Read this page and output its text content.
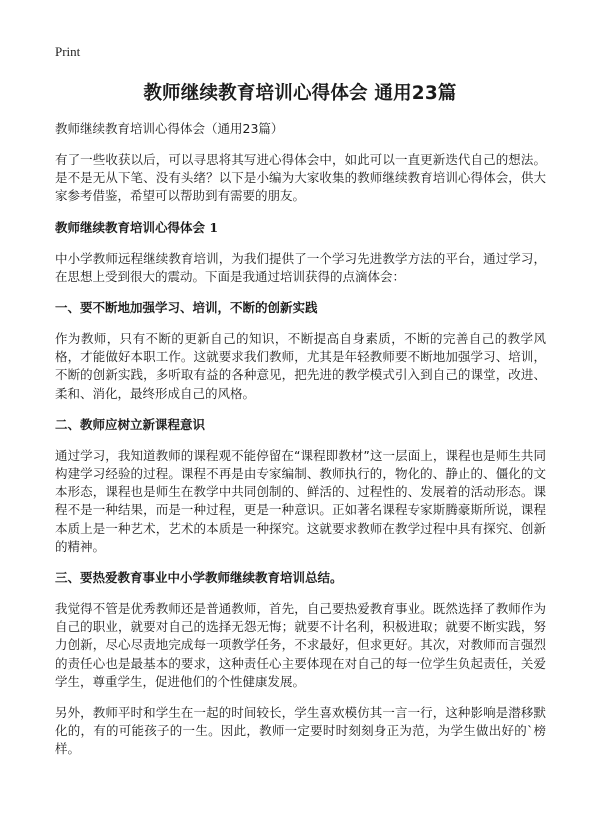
Print
教师继续教育培训心得体会 通用23篇

教师继续教育培训心得体会（通用23篇）

有了一些收获以后，可以寻思将其写进心得体会中，如此可以一直更新迭代自己的想法。是不是无从下笔、没有头绪？以下是小编为大家收集的教师继续教育培训心得体会，供大家参考借鉴，希望可以帮助到有需要的朋友。

教师继续教育培训心得体会 1

中小学教师远程继续教育培训，为我们提供了一个学习先进教学方法的平台，通过学习，在思想上受到很大的震动。下面是我通过培训获得的点滴体会：

一、要不断地加强学习、培训，不断的创新实践

作为教师，只有不断的更新自己的知识，不断提高自身素质，不断的完善自己的教学风格，才能做好本职工作。这就要求我们教师，尤其是年轻教师要不断地加强学习、培训，不断的创新实践，多听取有益的各种意见，把先进的教学模式引入到自己的课堂，改进、柔和、消化，最终形成自己的风格。

二、教师应树立新课程意识

通过学习，我知道教师的课程观不能停留在“课程即教材”这一层面上，课程也是师生共同构建学习经验的过程。课程不再是由专家编制、教师执行的，物化的、静止的、僵化的文本形态，课程也是师生在教学中共同创制的、鲜活的、过程性的、发展着的活动形态。课程不是一种结果，而是一种过程，更是一种意识。正如著名课程专家斯腾豪斯所说，课程本质上是一种艺术，艺术的本质是一种探究。这就要求教师在教学过程中具有探究、创新的精神。

三、要热爱教育事业中小学教师继续教育培训总结。

我觉得不管是优秀教师还是普通教师，首先，自己要热爱教育事业。既然选择了教师作为自己的职业，就要对自己的选择无怨无悔；就要不计名利，积极进取；就要不断实践，努力创新，尽心尽责地完成每一项教学任务，不求最好，但求更好。其次，对教师而言强烈的责任心也是最基本的要求，这种责任心主要体现在对自己的每一位学生负起责任，关爱学生，尊重学生，促进他们的个性健康发展。

另外，教师平时和学生在一起的时间较长，学生喜欢模仿其一言一行，这种影响是潜移默化的，有的可能孩子的一生。因此，教师一定要时时刻刻身正为范，为学生做出好的`榜样。
